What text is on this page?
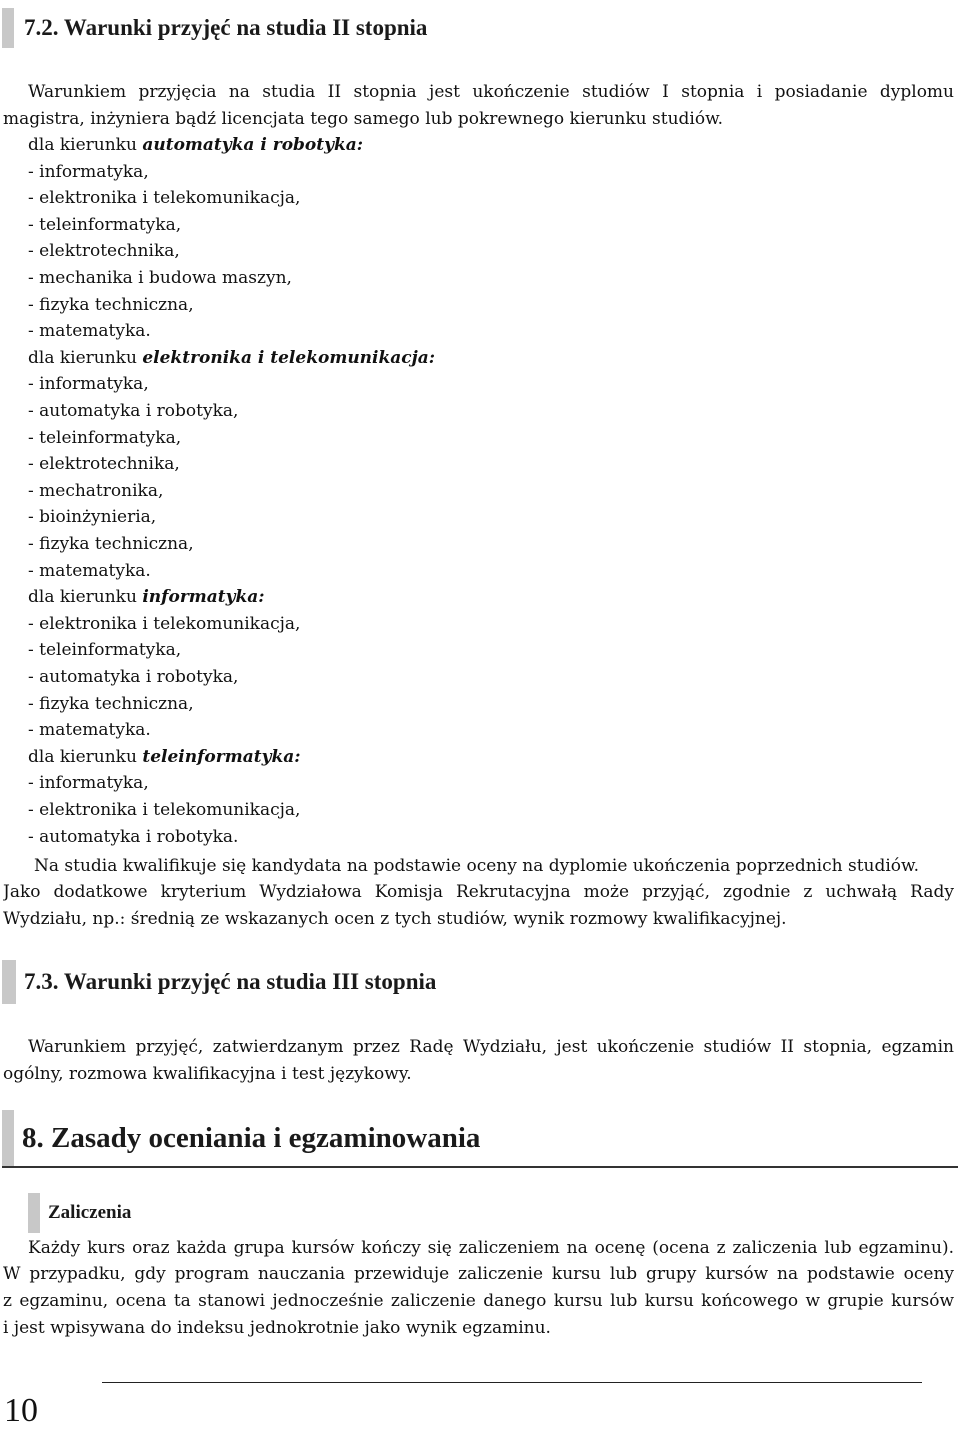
7.2. Warunki przyjęć na studia II stopnia
Warunkiem przyjęcia na studia II stopnia jest ukończenie studiów I stopnia i posiadanie dyplomu
magistra, inżyniera bądź licencjata tego samego lub pokrewnego kierunku studiów.
dla kierunku automatyka i robotyka:
- informatyka,
- elektronika i telekomunikacja,
- teleinformatyka,
- elektrotechnika,
- mechanika i budowa maszyn,
- fizyka techniczna,
- matematyka.
dla kierunku elektronika i telekomunikacja:
- informatyka,
- automatyka i robotyka,
- teleinformatyka,
- elektrotechnika,
- mechatronika,
- bioinżynieria,
- fizyka techniczna,
- matematyka.
dla kierunku informatyka:
- elektronika i telekomunikacja,
- teleinformatyka,
- automatyka i robotyka,
- fizyka techniczna,
- matematyka.
dla kierunku teleinformatyka:
- informatyka,
- elektronika i telekomunikacja,
- automatyka i robotyka.
Na studia kwalifikuje się kandydata na podstawie oceny na dyplomie ukończenia poprzednich studiów.
Jako dodatkowe kryterium Wydziałowa Komisja Rekrutacyjna może przyjąć, zgodnie z uchwałą Rady
Wydziału, np.: średnią ze wskazanych ocen z tych studiów, wynik rozmowy kwalifikacyjnej.
7.3. Warunki przyjęć na studia III stopnia
Warunkiem przyjęć, zatwierdzanym przez Radę Wydziału, jest ukończenie studiów II stopnia, egzamin
ogólny, rozmowa kwalifikacyjna i test językowy.
8. Zasady oceniania i egzaminowania
Zaliczenia
Każdy kurs oraz każda grupa kursów kończy się zaliczeniem na ocenę (ocena z zaliczenia lub egzaminu).
W przypadku, gdy program nauczania przewiduje zaliczenie kursu lub grupy kursów na podstawie oceny
z egzaminu, ocena ta stanowi jednocześnie zaliczenie danego kursu lub kursu końcowego w grupie kursów
i jest wpisywana do indeksu jednokrotnie jako wynik egzaminu.
10
